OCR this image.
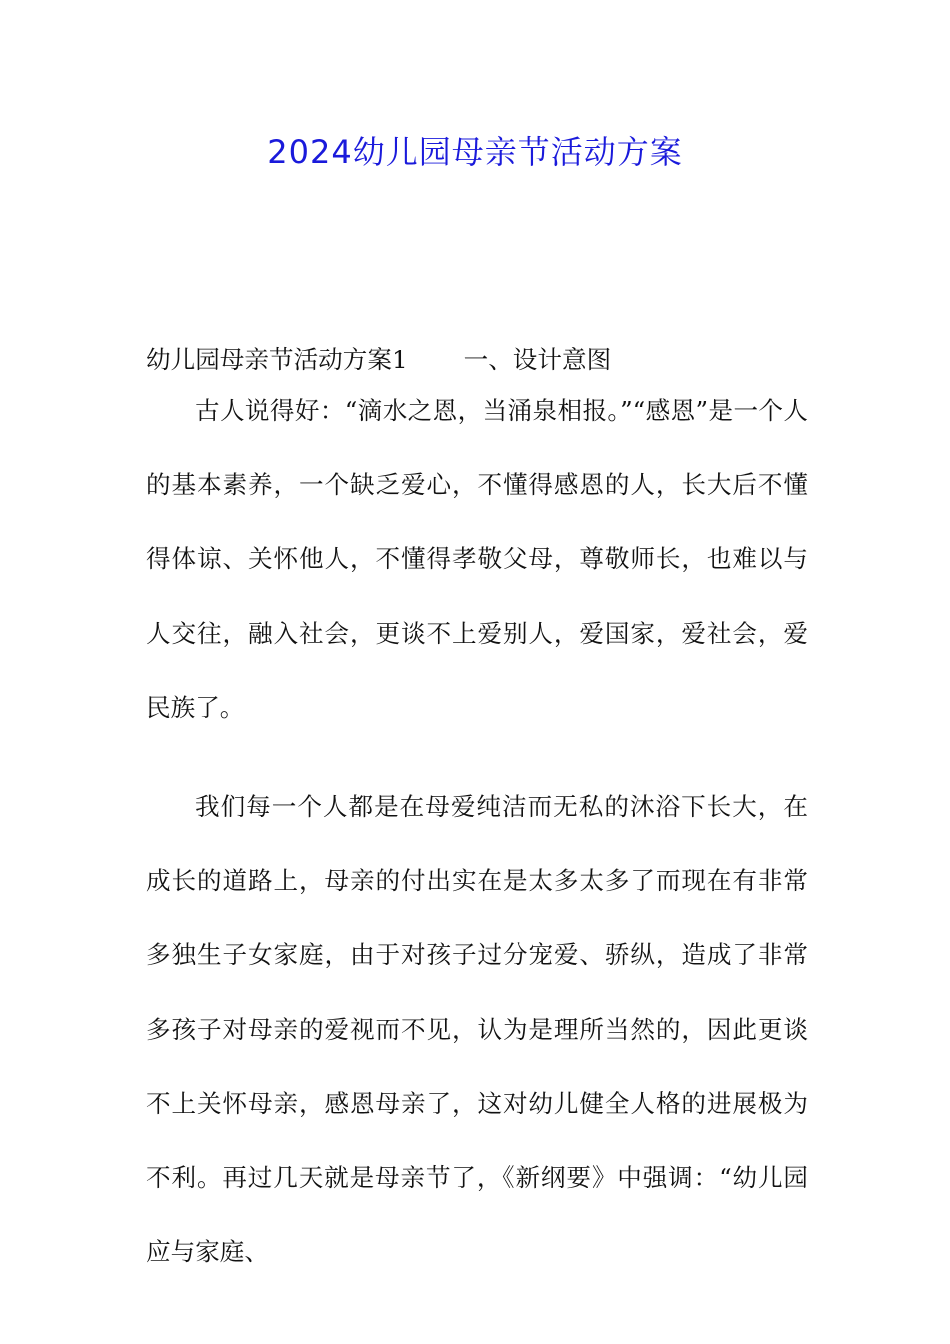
2024幼儿园母亲节活动方案

幼儿园母亲节活动方案1 一、设计意图

古人说得好：“滴水之恩，当涌泉相报。”“感恩”是一个人的基本素养，一个缺乏爱心，不懂得感恩的人，长大后不懂得体谅、关怀他人，不懂得孝敬父母，尊敬师长，也难以与人交往，融入社会，更谈不上爱别人，爱国家，爱社会，爱民族了。

我们每一个人都是在母爱纯洁而无私的沐浴下长大，在成长的道路上，母亲的付出实在是太多太多了而现在有非常多独生子女家庭，由于对孩子过分宠爱、骄纵，造成了非常多孩子对母亲的爱视而不见，认为是理所当然的，因此更谈不上关怀母亲，感恩母亲了，这对幼儿健全人格的进展极为不利。再过几天就是母亲节了，《新纲要》中强调：“幼儿园应与家庭、
